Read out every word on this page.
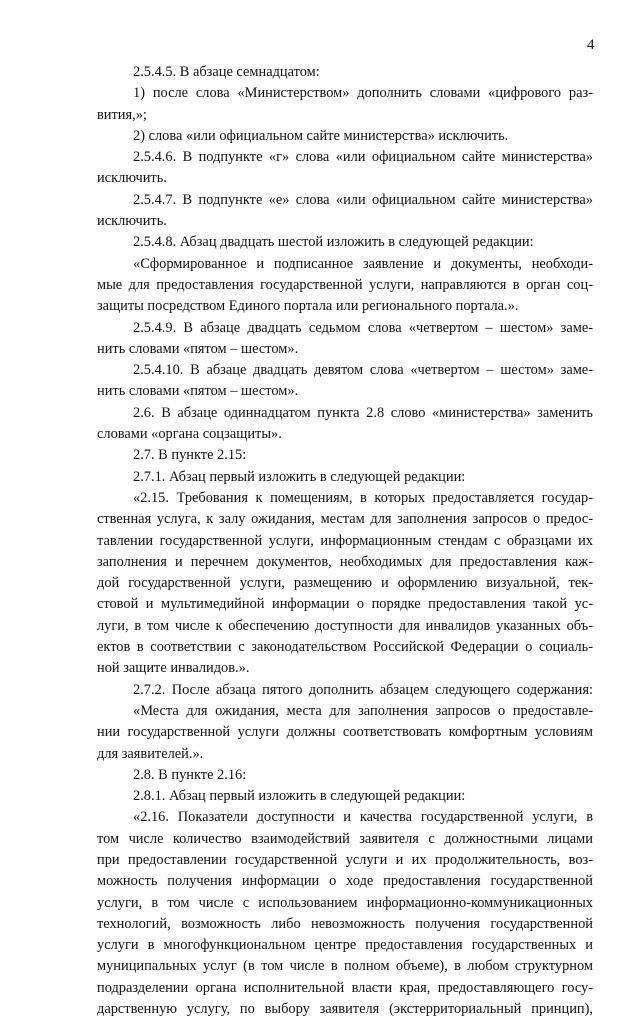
4
2.5.4.5. В абзаце семнадцатом:
1) после слова «Министерством» дополнить словами «цифрового раз-
вития,»;
2) слова «или официальном сайте министерства» исключить.
2.5.4.6. В подпункте «г» слова «или официальном сайте министерства»
исключить.
2.5.4.7. В подпункте «е» слова «или официальном сайте министерства»
исключить.
2.5.4.8. Абзац двадцать шестой изложить в следующей редакции:
«Сформированное и подписанное заявление и документы, необходи-
мые для предоставления государственной услуги, направляются в орган соц-
защиты посредством Единого портала или регионального портала.».
2.5.4.9. В абзаце двадцать седьмом слова «четвертом – шестом» заме-
нить словами «пятом – шестом».
2.5.4.10. В абзаце двадцать девятом слова «четвертом – шестом» заме-
нить словами «пятом – шестом».
2.6. В абзаце одиннадцатом пункта 2.8 слово «министерства» заменить
словами «органа соцзащиты».
2.7. В пункте 2.15:
2.7.1. Абзац первый изложить в следующей редакции:
«2.15. Требования к помещениям, в которых предоставляется государ-
ственная услуга, к залу ожидания, местам для заполнения запросов о предос-
тавлении государственной услуги, информационным стендам с образцами их
заполнения и перечнем документов, необходимых для предоставления каж-
дой государственной услуги, размещению и оформлению визуальной, тек-
стовой и мультимедийной информации о порядке предоставления такой ус-
луги, в том числе к обеспечению доступности для инвалидов указанных объ-
ектов в соответствии с законодательством Российской Федерации о социаль-
ной защите инвалидов.».
2.7.2. После абзаца пятого дополнить абзацем следующего содержания:
«Места для ожидания, места для заполнения запросов о предоставле-
нии государственной услуги должны соответствовать комфортным условиям
для заявителей.».
2.8. В пункте 2.16:
2.8.1. Абзац первый изложить в следующей редакции:
«2.16. Показатели доступности и качества государственной услуги, в
том числе количество взаимодействий заявителя с должностными лицами
при предоставлении государственной услуги и их продолжительность, воз-
можность получения информации о ходе предоставления государственной
услуги, в том числе с использованием информационно-коммуникационных
технологий, возможность либо невозможность получения государственной
услуги в многофункциональном центре предоставления государственных и
муниципальных услуг (в том числе в полном объеме), в любом структурном
подразделении органа исполнительной власти края, предоставляющего госу-
дарственную услугу, по выбору заявителя (экстерриториальный принцип),
